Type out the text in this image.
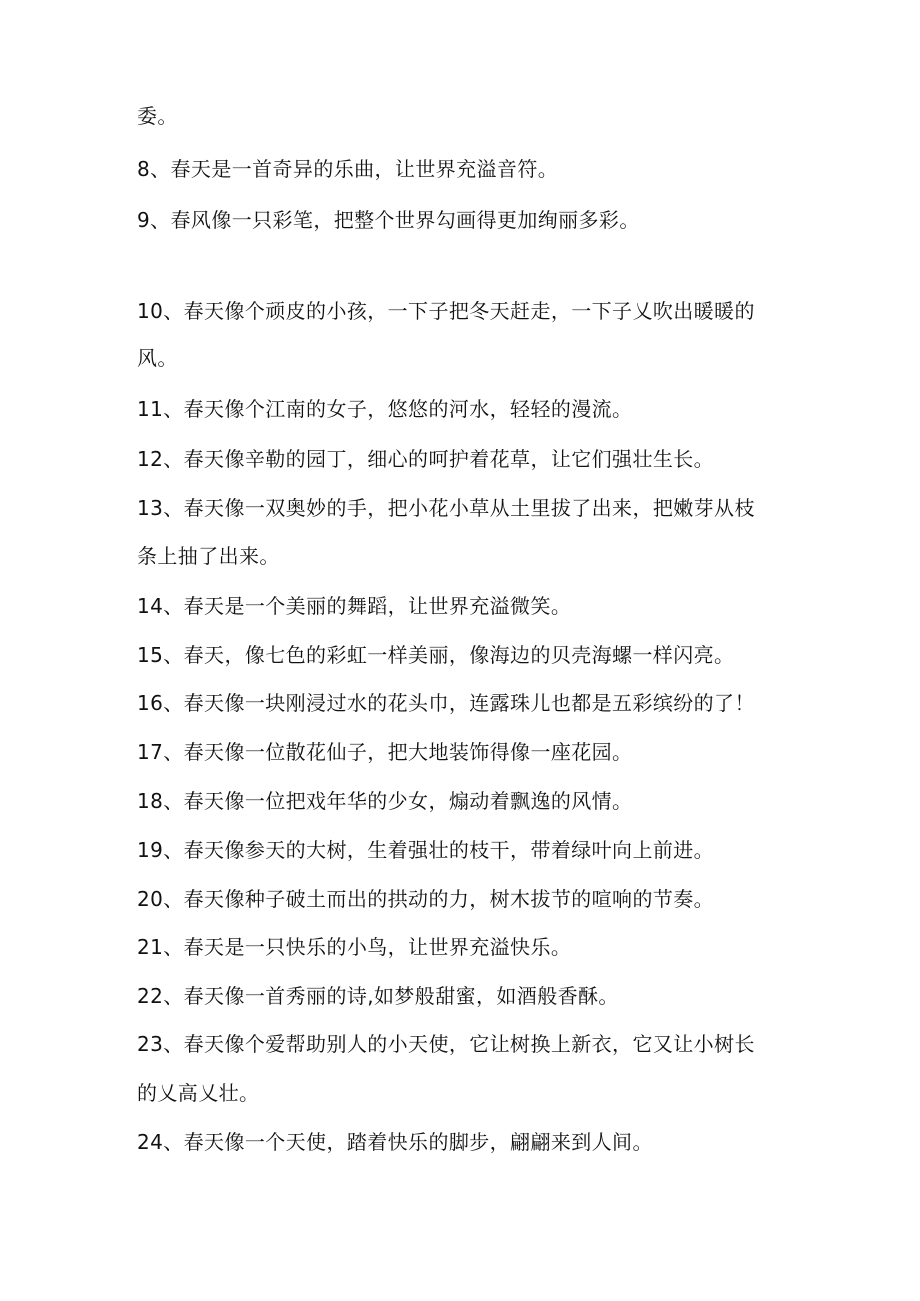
委。
8、春天是一首奇异的乐曲，让世界充溢音符。
9、春风像一只彩笔，把整个世界勾画得更加绚丽多彩。
10、春天像个顽皮的小孩，一下子把冬天赶走，一下子乂吹出暖暖的
风。
11、春天像个江南的女子，悠悠的河水，轻轻的漫流。
12、春天像辛勒的园丁，细心的呵护着花草，让它们强壮生长。
13、春天像一双奥妙的手，把小花小草从土里拔了出来，把嫩芽从枝
条上抽了出来。
14、春天是一个美丽的舞蹈，让世界充溢微笑。
15、春天，像七色的彩虹一样美丽，像海边的贝壳海螺一样闪亮。
16、春天像一块刚浸过水的花头巾，连露珠儿也都是五彩缤纷的了！
17、春天像一位散花仙子，把大地装饰得像一座花园。
18、春天像一位把戏年华的少女，煽动着飘逸的风情。
19、春天像参天的大树，生着强壮的枝干，带着绿叶向上前进。
20、春天像种子破土而出的拱动的力，树木拔节的喧响的节奏。
21、春天是一只快乐的小鸟，让世界充溢快乐。
22、春天像一首秀丽的诗,如梦般甜蜜，如酒般香酥。
23、春天像个爱帮助别人的小天使，它让树换上新衣，它又让小树长
的乂高乂壮。
24、春天像一个天使，踏着快乐的脚步，翩翩来到人间。
